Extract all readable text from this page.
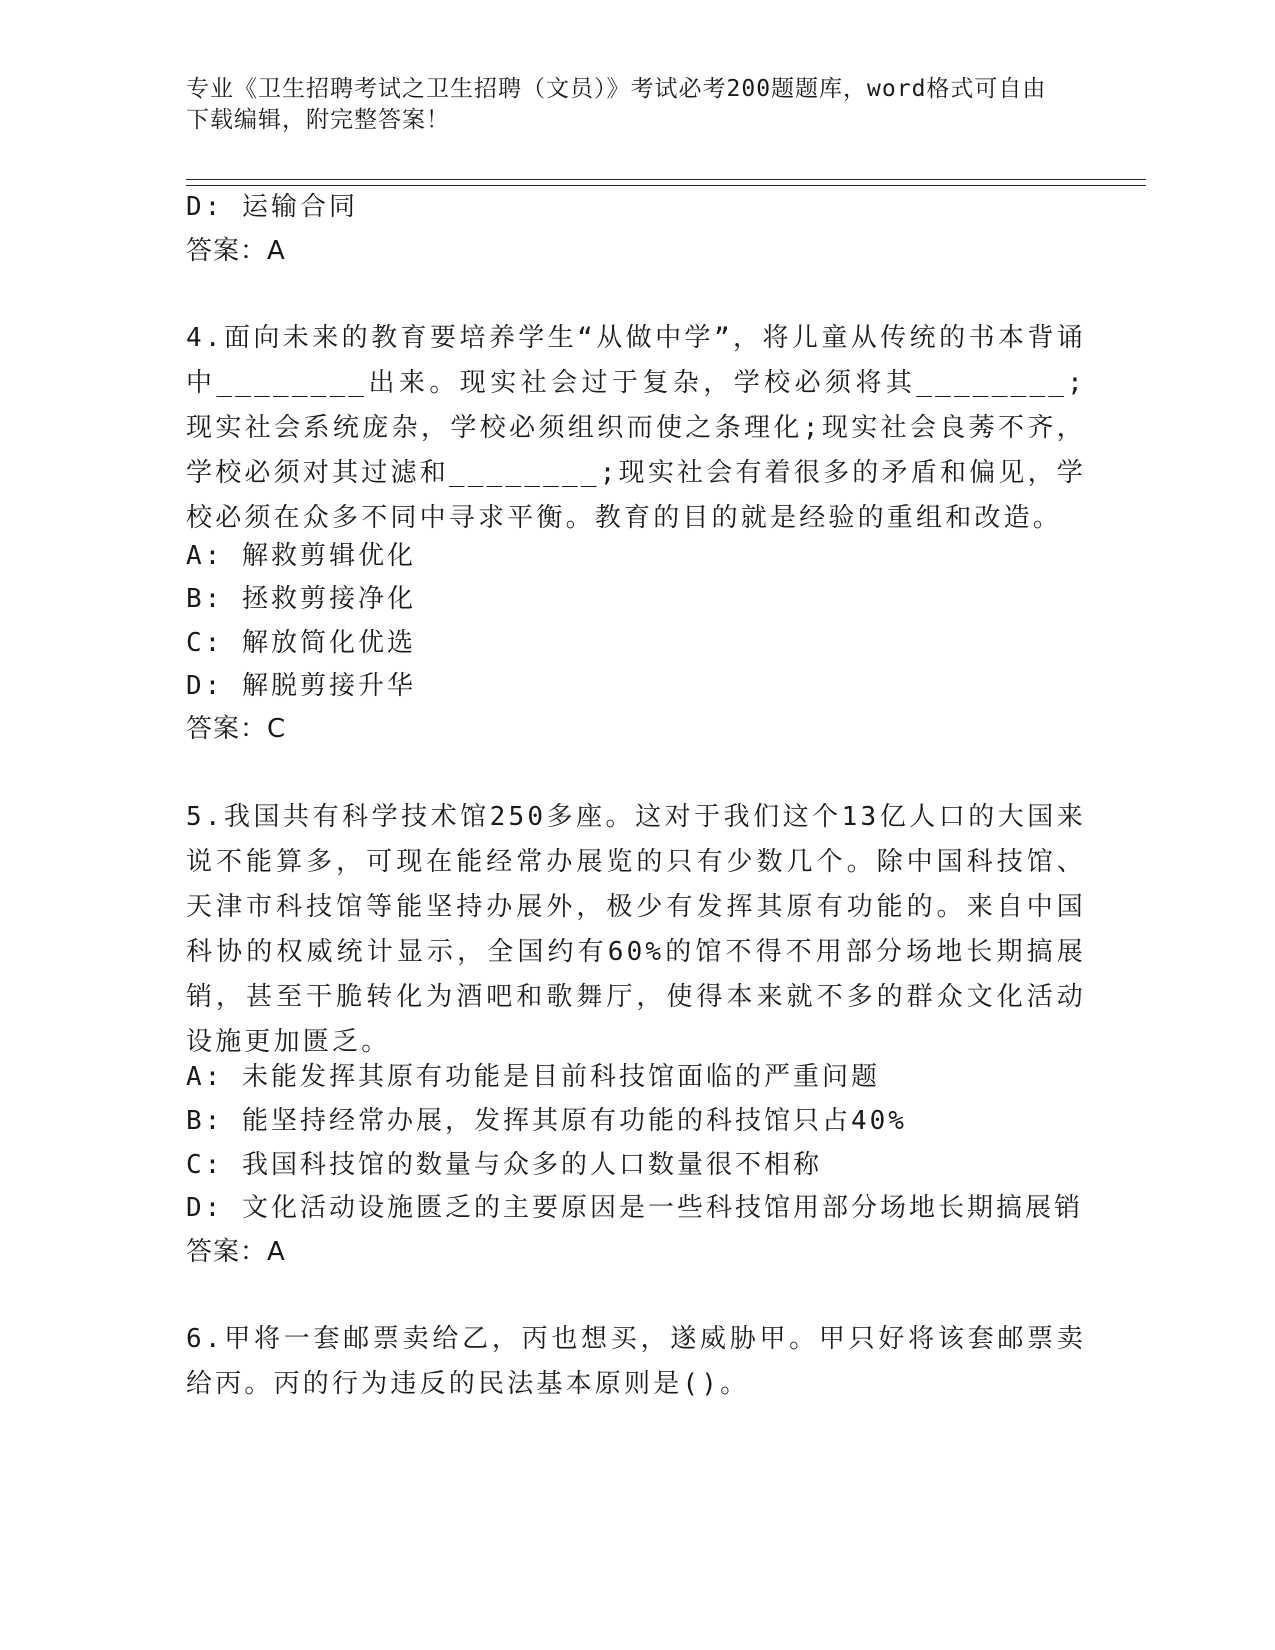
专业《卫生招聘考试之卫生招聘（文员）》考试必考200题题库，word格式可自由下载编辑，附完整答案！
D: 运输合同
答案：A
4.面向未来的教育要培养学生“从做中学”，将儿童从传统的书本背诵中________出来。现实社会过于复杂，学校必须将其________;现实社会系统庞杂，学校必须组织而使之条理化;现实社会良莠不齐，学校必须对其过滤和________;现实社会有着很多的矛盾和偏见，学校必须在众多不同中寻求平衡。教育的目的就是经验的重组和改造。
A: 解救剪辑优化
B: 拯救剪接净化
C: 解放简化优选
D: 解脱剪接升华
答案：C
5.我国共有科学技术馆250多座。这对于我们这个13亿人口的大国来说不能算多，可现在能经常办展览的只有少数几个。除中国科技馆、天津市科技馆等能坚持办展外，极少有发挥其原有功能的。来自中国科协的权威统计显示，全国约有60%的馆不得不用部分场地长期搞展销，甚至干脆转化为酒吧和歌舞厅，使得本来就不多的群众文化活动设施更加匮乏。
A: 未能发挥其原有功能是目前科技馆面临的严重问题
B: 能坚持经常办展，发挥其原有功能的科技馆只占40%
C: 我国科技馆的数量与众多的人口数量很不相称
D: 文化活动设施匮乏的主要原因是一些科技馆用部分场地长期搞展销
答案：A
6.甲将一套邮票卖给乙，丙也想买，遂威胁甲。甲只好将该套邮票卖给丙。丙的行为违反的民法基本原则是()。
